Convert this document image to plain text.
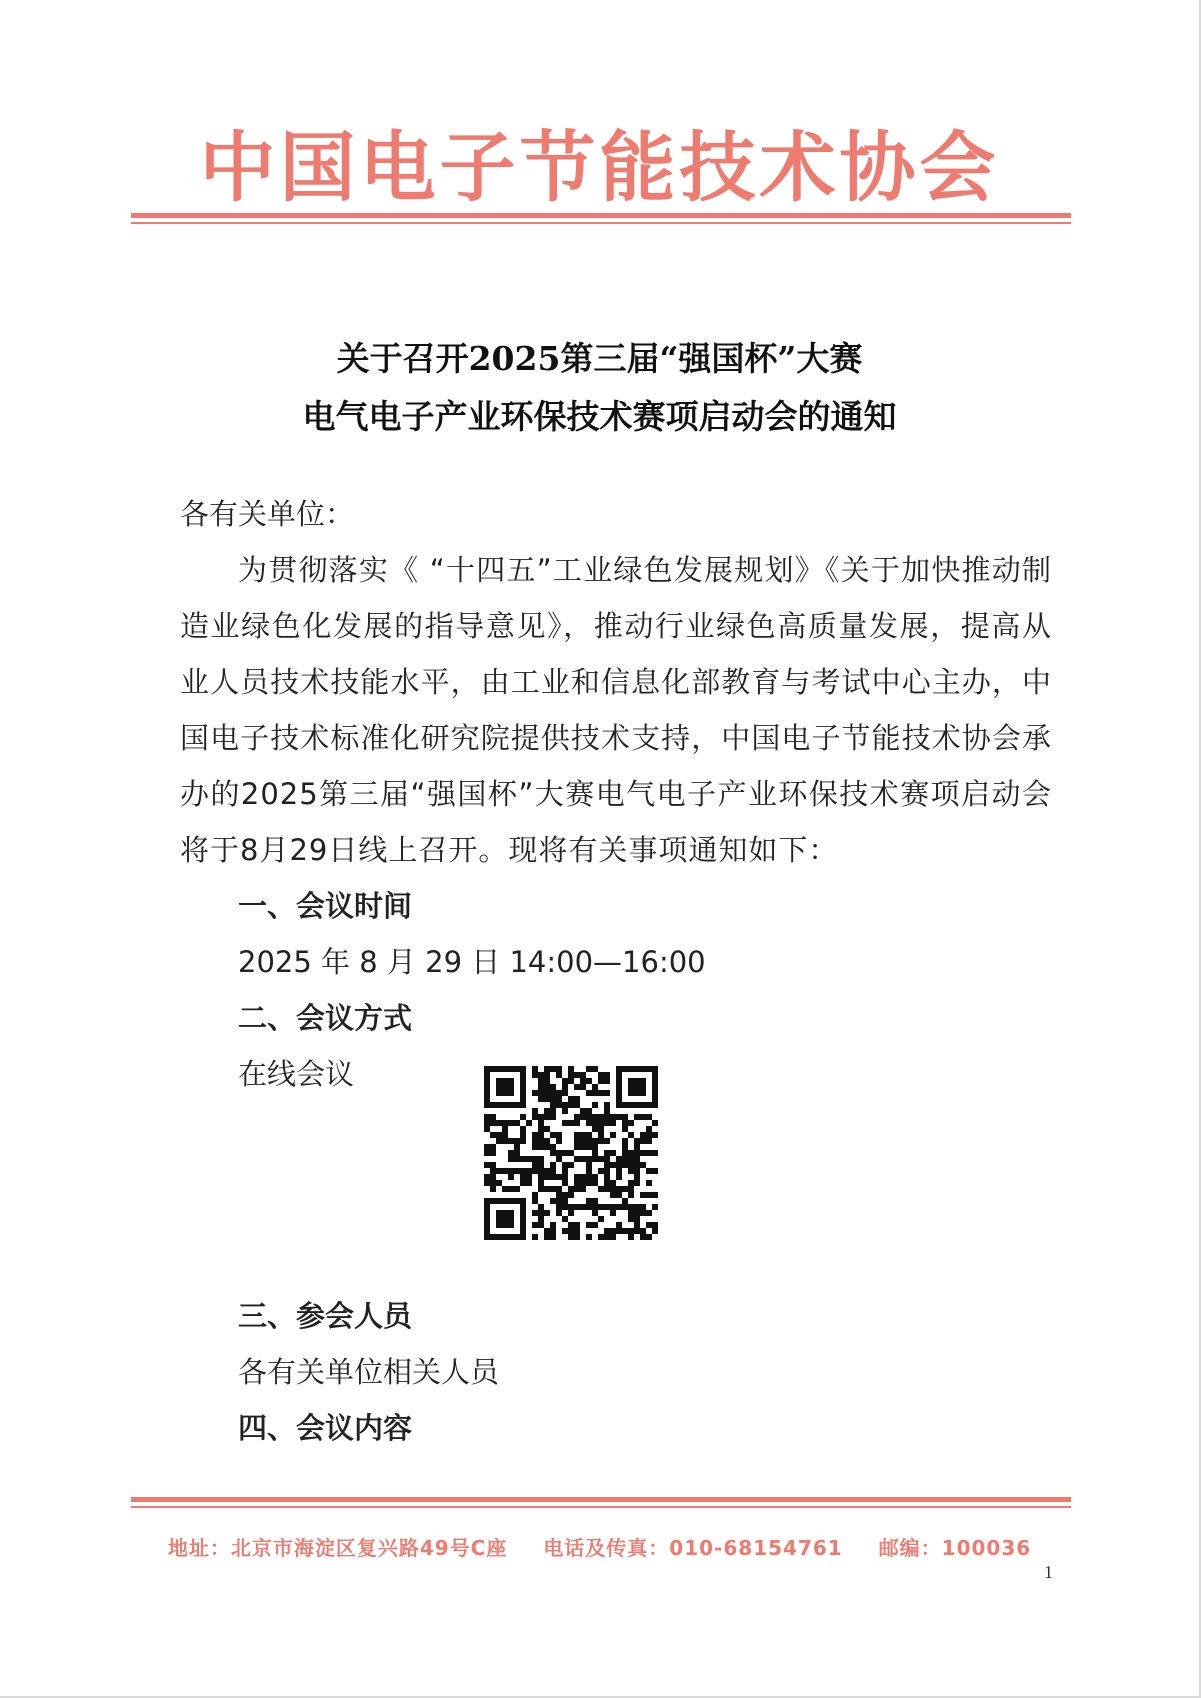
中国电子节能技术协会
关于召开2025第三届“强国杯”大赛
电气电子产业环保技术赛项启动会的通知

各有关单位：

为贯彻落实《 “十四五”工业绿色发展规划》《关于加快推动制造业绿色化发展的指导意见》，推动行业绿色高质量发展，提高从业人员技术技能水平，由工业和信息化部教育与考试中心主办，中国电子技术标准化研究院提供技术支持，中国电子节能技术协会承办的2025第三届“强国杯”大赛电气电子产业环保技术赛项启动会将于8月29日线上召开。现将有关事项通知如下：

一、会议时间

2025 年 8 月 29 日 14:00—16:00

二、会议方式

在线会议

三、参会人员

各有关单位相关人员

四、会议内容

地址：北京市海淀区复兴路49号C座 电话及传真：010-68154761 邮编：100036
1
